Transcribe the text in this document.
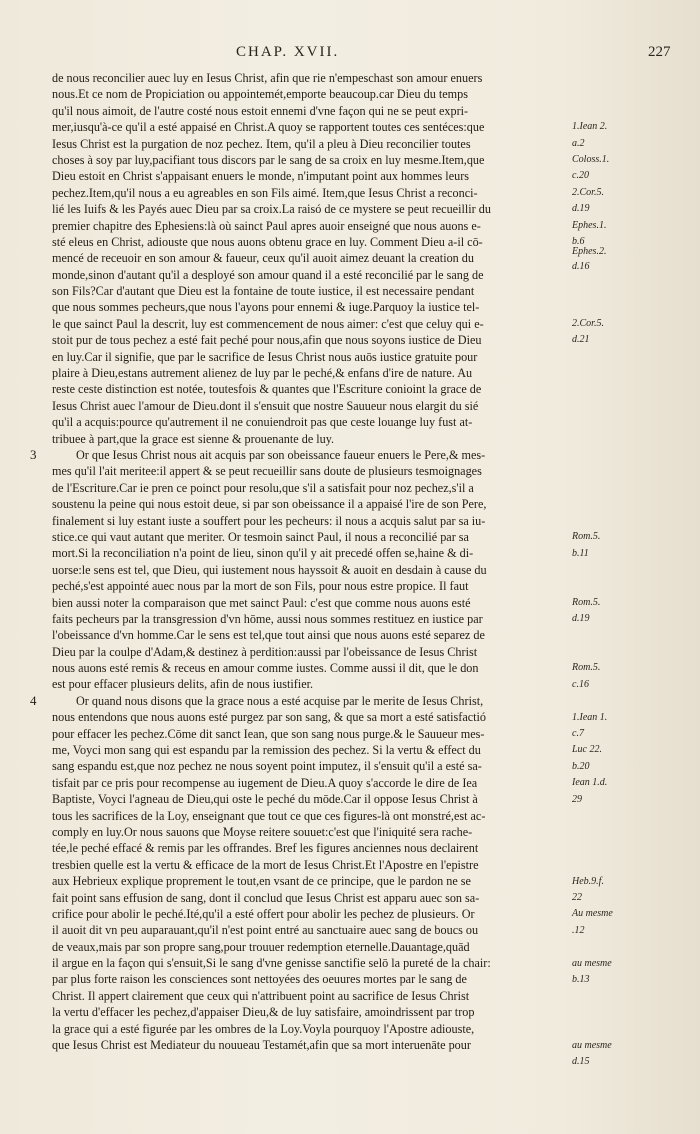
CHAP. XVII.	227
de nous reconcilier auec luy en Iesus Christ, afin que rie n'empeschast son amour enuers
nous.Et ce nom de Propiciation ou appointemét,emporte beaucoup.car Dieu du temps
qu'il nous aimoit, de l'autre costé nous estoit ennemi d'vne façon qui ne se peut expri-
mer,iusqu'à-ce qu'il a esté appaisé en Christ.A quoy se rapportent toutes ces sentéces:que
Iesus Christ est la purgation de noz pechez. Item, qu'il a pleu à Dieu reconcilier toutes
choses à soy par luy,pacifiant tous discors par le sang de sa croix en luy mesme.Item,que
Dieu estoit en Christ s'appaisant enuers le monde, n'imputant point aux hommes leurs
pechez.Item,qu'il nous a eu agreables en son Fils aimé. Item,que Iesus Christ a reconci-
lié les Iuifs & les Payés auec Dieu par sa croix.La raisó de ce mystere se peut recueillir du
premier chapitre des Ephesiens:là où sainct Paul apres auoir enseigné que nous auons e-
sté eleus en Christ, adiouste que nous auons obtenu grace en luy. Comment Dieu a-il cō-
mencé de receuoir en son amour & faueur, ceux qu'il auoit aimez deuant la creation du
monde,sinon d'autant qu'il a desployé son amour quand il a esté reconcilié par le sang de
son Fils?Car d'autant que Dieu est la fontaine de toute iustice, il est necessaire pendant
que nous sommes pecheurs,que nous l'ayons pour ennemi & iuge.Parquoy la iustice tel-
le que sainct Paul la descrit, luy est commencement de nous aimer: c'est que celuy qui e-
stoit pur de tous pechez a esté fait peché pour nous,afin que nous soyons iustice de Dieu
en luy.Car il signifie, que par le sacrifice de Iesus Christ nous auōs iustice gratuite pour
plaire à Dieu,estans autrement alienez de luy par le peché,& enfans d'ire de nature. Au
reste ceste distinction est notée, toutesfois & quantes que l'Escriture conioint la grace de
Iesus Christ auec l'amour de Dieu.dont il s'ensuit que nostre Sauueur nous elargit du sié
qu'il a acquis:pource qu'autrement il ne conuiendroit pas que ceste louange luy fust at-
tribuee à part,que la grace est sienne & prouenante de luy.
3	Or que Iesus Christ nous ait acquis par son obeissance faueur enuers le Pere,& mes-
mes qu'il l'ait meritee:il appert & se peut recueillir sans doute de plusieurs tesmoignages
de l'Escriture.Car ie pren ce poinct pour resolu,que s'il a satisfait pour noz pechez,s'il a
soustenu la peine qui nous estoit deue, si par son obeissance il a appaisé l'ire de son Pere,
finalement si luy estant iuste a souffert pour les pecheurs: il nous a acquis salut par sa iu-
stice.ce qui vaut autant que meriter. Or tesmoin sainct Paul, il nous a reconcilié par sa
mort.Si la reconciliation n'a point de lieu, sinon qu'il y ait precedé offen se,haine & di-
uorse:le sens est tel, que Dieu, qui iustement nous hayssoit & auoit en desdain à cause du
peché,s'est appointé auec nous par la mort de son Fils, pour nous estre propice. Il faut
bien aussi noter la comparaison que met sainct Paul: c'est que comme nous auons esté
faits pecheurs par la transgression d'vn hōme, aussi nous sommes restituez en iustice par
l'obeissance d'vn homme.Car le sens est tel,que tout ainsi que nous auons esté separez de
Dieu par la coulpe d'Adam,& destinez à perdition:aussi par l'obeissance de Iesus Christ
nous auons esté remis & receus en amour comme iustes. Comme aussi il dit, que le don
est pour effacer plusieurs delits, afin de nous iustifier.
4	Or quand nous disons que la grace nous a esté acquise par le merite de Iesus Christ,
nous entendons que nous auons esté purgez par son sang, & que sa mort a esté satisfactió
pour effacer les pechez.Cōme dit sanct Iean, que son sang nous purge.& le Sauueur mes-
me, Voyci mon sang qui est espandu par la remission des pechez. Si la vertu & effect du
sang espandu est,que noz pechez ne nous soyent point imputez, il s'ensuit qu'il a esté sa-
tisfait par ce pris pour recompense au iugement de Dieu.A quoy s'accorde le dire de Iea
Baptiste, Voyci l'agneau de Dieu,qui oste le peché du mōde.Car il oppose Iesus Christ à
tous les sacrifices de la Loy, enseignant que tout ce que ces figures-là ont monstré,est ac-
comply en luy.Or nous sauons que Moyse reitere souuet:c'est que l'iniquité sera rache-
tée,le peché effacé & remis par les offrandes. Bref les figures anciennes nous declairent
tresbien quelle est la vertu & efficace de la mort de Iesus Christ.Et l'Apostre en l'epistre
aux Hebrieux explique proprement le tout,en vsant de ce principe, que le pardon ne se
fait point sans effusion de sang, dont il conclud que Iesus Christ est apparu auec son sa-
crifice pour abolir le peché.Ité,qu'il a esté offert pour abolir les pechez de plusieurs. Or
il auoit dit vn peu auparauant,qu'il n'est point entré au sanctuaire auec sang de boucs ou
de veaux,mais par son propre sang,pour trouuer redemption eternelle.Dauantage,quād
il argue en la façon qui s'ensuit,Si le sang d'vne genisse sanctifie selō la pureté de la chair:
par plus forte raison les consciences sont nettoyées des oeuures mortes par le sang de
Christ. Il appert clairement que ceux qui n'attribuent point au sacrifice de Iesus Christ
la vertu d'effacer les pechez,d'appaiser Dieu,& de luy satisfaire, amoindrissent par trop
la grace qui a esté figurée par les ombres de la Loy.Voyla pourquoy l'Apostre adiouste,
que Iesus Christ est Mediateur du nouueau Testamét,afin que sa mort interuenāte pour
1.Iean 2.
a.2
Coloss.1.
c.20
2.Cor.5.
d.19
Ephes.1.
b.6
Ephes.2.
d.16
2.Cor.5.
d.21
Rom.5.
b.11
Rom.5.
d.19
Rom.5.
c.16
1.Iean 1.
c.7
Luc 22.
b.20
Iean 1.d.
29
Heb.9.f.
22
Au mesme
.12
au mesme
b.13
au mesme
d.15
